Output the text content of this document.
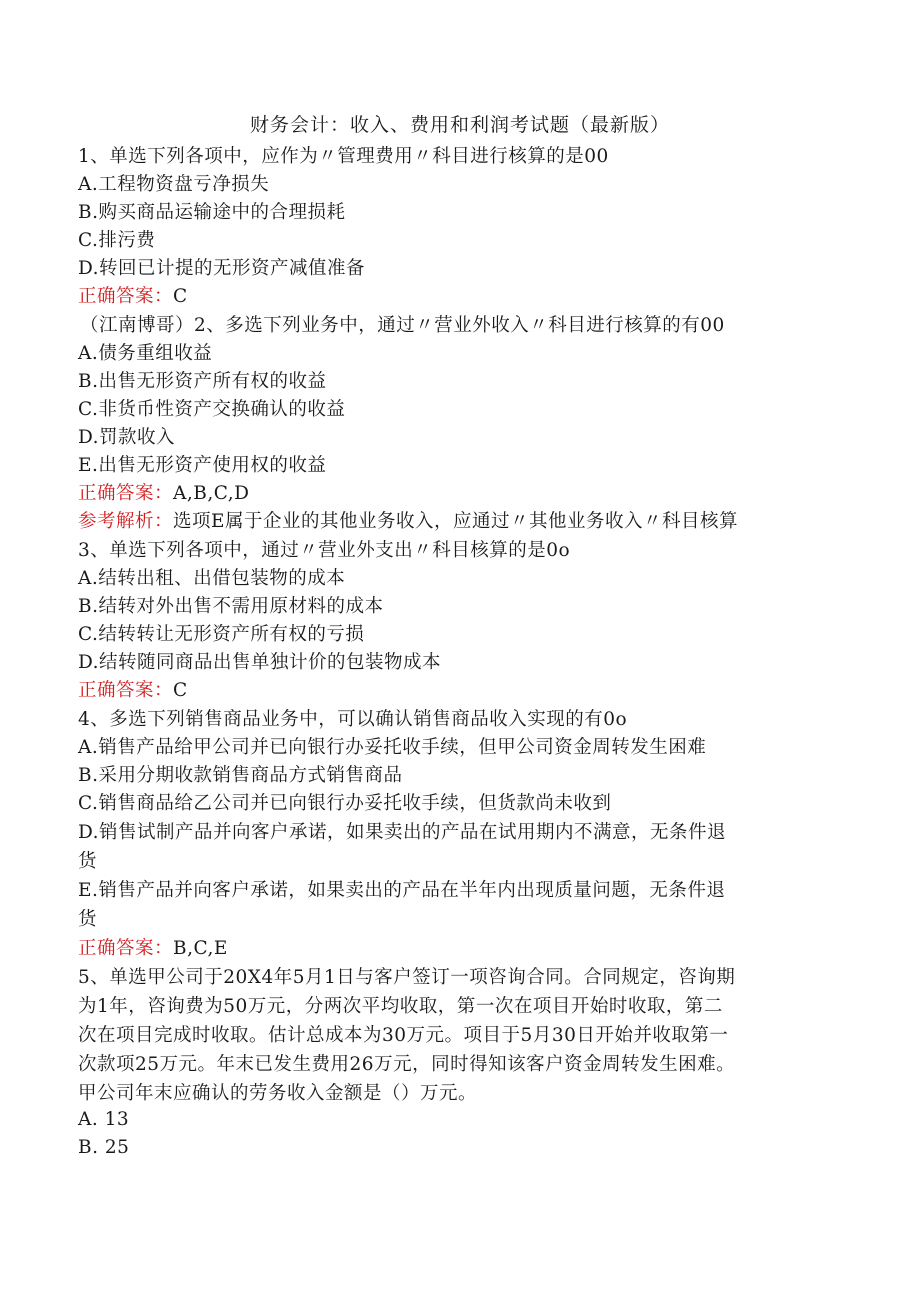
财务会计：收入、费用和利润考试题（最新版）
1、单选下列各项中，应作为〃管理费用〃科目进行核算的是00
A.工程物资盘亏净损失
B.购买商品运输途中的合理损耗
C.排污费
D.转回已计提的无形资产减值准备
正确答案：C
（江南博哥）2、多选下列业务中，通过〃营业外收入〃科目进行核算的有00
A.债务重组收益
B.出售无形资产所有权的收益
C.非货币性资产交换确认的收益
D.罚款收入
E.出售无形资产使用权的收益
正确答案：A,B,C,D
参考解析：选项E属于企业的其他业务收入，应通过〃其他业务收入〃科目核算
3、单选下列各项中，通过〃营业外支出〃科目核算的是0o
A.结转出租、出借包装物的成本
B.结转对外出售不需用原材料的成本
C.结转转让无形资产所有权的亏损
D.结转随同商品出售单独计价的包装物成本
正确答案：C
4、多选下列销售商品业务中，可以确认销售商品收入实现的有0o
A.销售产品给甲公司并已向银行办妥托收手续，但甲公司资金周转发生困难
B.采用分期收款销售商品方式销售商品
C.销售商品给乙公司并已向银行办妥托收手续，但货款尚未收到
D.销售试制产品并向客户承诺，如果卖出的产品在试用期内不满意，无条件退
货
E.销售产品并向客户承诺，如果卖出的产品在半年内出现质量问题，无条件退
货
正确答案：B,C,E
5、单选甲公司于20X4年5月1日与客户签订一项咨询合同。合同规定，咨询期
为1年，咨询费为50万元，分两次平均收取，第一次在项目开始时收取，第二
次在项目完成时收取。估计总成本为30万元。项目于5月30日开始并收取第一
次款项25万元。年末已发生费用26万元，同时得知该客户资金周转发生困难。
甲公司年末应确认的劳务收入金额是（）万元。
A. 13
B. 25
